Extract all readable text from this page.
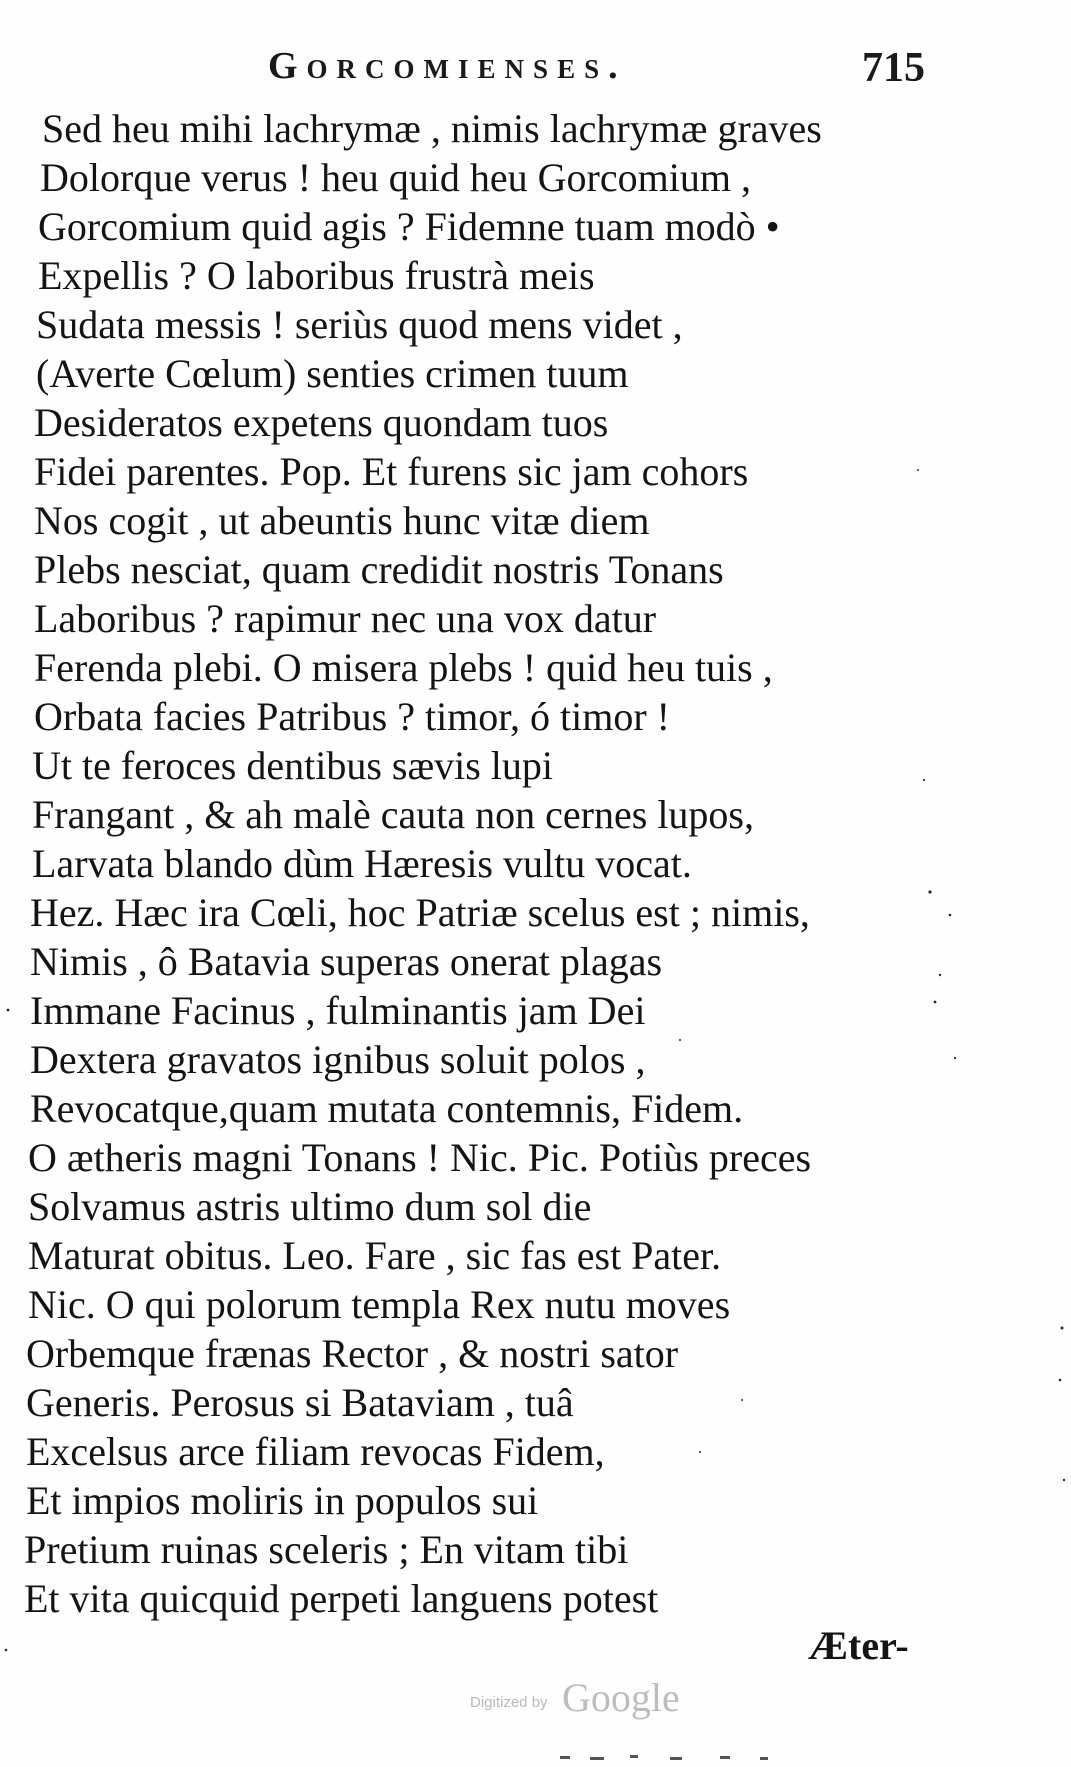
Gorcomienses.	715
Sed heu mihi lachrymæ , nimis lachrymæ graves
Dolorque verus ! heu quid heu Gorcomium ,
Gorcomium quid agis ? Fidemne tuam modò •
Expellis ? O laboribus frustrà meis
Sudata messis ! seriùs quod mens videt ,
(Averte Cœlum) senties crimen tuum
Desideratos expetens quondam tuos
Fidei parentes. Pop. Et furens sic jam cohors
Nos cogit , ut abeuntis hunc vitæ diem
Plebs nesciat, quam credidit nostris Tonans
Laboribus ? rapimur nec una vox datur
Ferenda plebi. O misera plebs ! quid heu tuis ,
Orbata facies Patribus ? timor, ó timor !
Ut te feroces dentibus sævis lupi
Frangant , & ah malè cauta non cernes lupos,
Larvata blando dùm Hæresis vultu vocat.
Hez. Hæc ira Cœli, hoc Patriæ scelus est ; nimis,
Nimis , ô Batavia superas onerat plagas
Immane Facinus , fulminantis jam Dei
Dextera gravatos ignibus soluit polos ,
Revocatque,quam mutata contemnis, Fidem.
O ætheris magni Tonans ! Nic. Pic. Potiùs preces
Solvamus astris ultimo dum sol die
Maturat obitus. Leo. Fare , sic fas est Pater.
Nic. O qui polorum templa Rex nutu moves
Orbemque frænas Rector , & nostri sator
Generis. Perosus si Bataviam , tuâ
Excelsus arce filiam revocas Fidem,
Et impios moliris in populos sui
Pretium ruinas sceleris ; En vitam tibi
Et vita quicquid perpeti languens potest
Æter-
Digitized by Google
